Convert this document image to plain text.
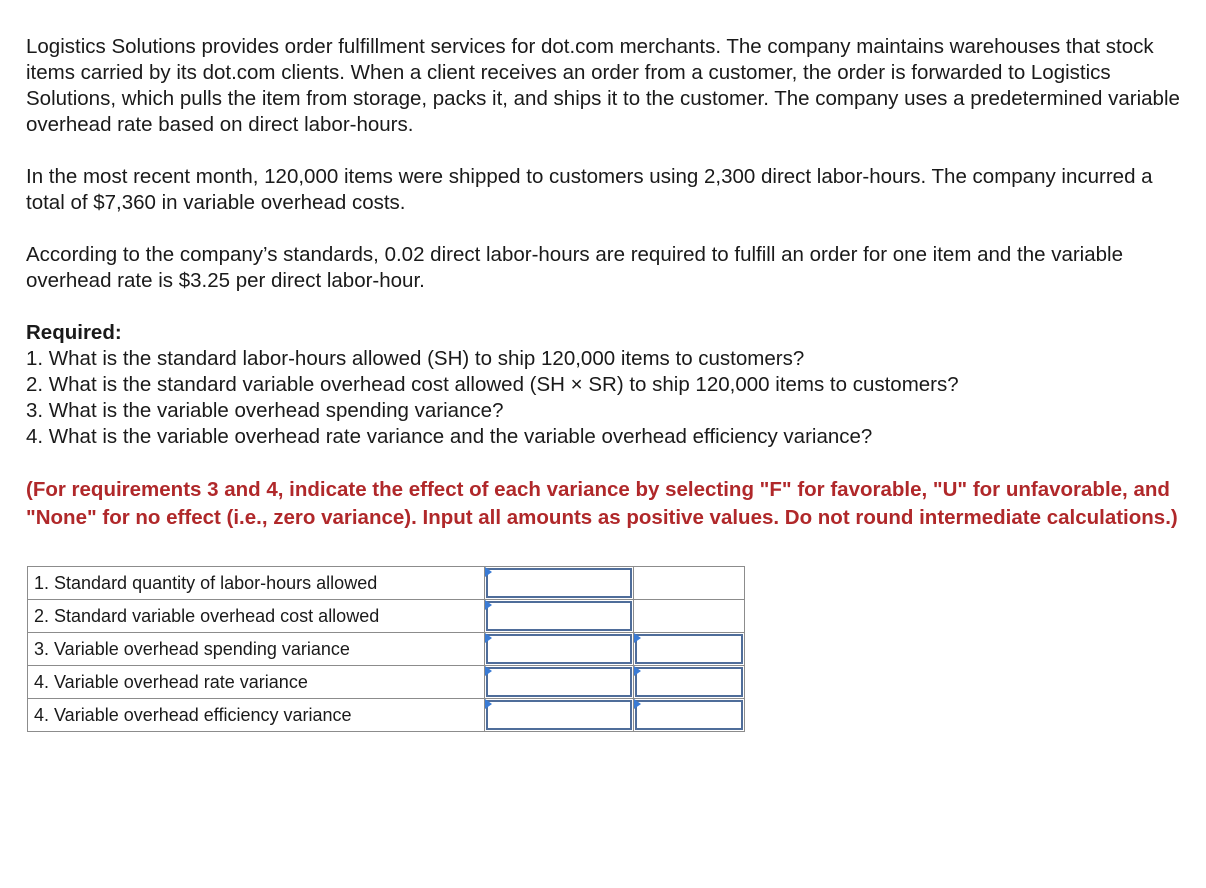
Logistics Solutions provides order fulfillment services for dot.com merchants. The company maintains warehouses that stock items carried by its dot.com clients. When a client receives an order from a customer, the order is forwarded to Logistics Solutions, which pulls the item from storage, packs it, and ships it to the customer. The company uses a predetermined variable overhead rate based on direct labor-hours.

In the most recent month, 120,000 items were shipped to customers using 2,300 direct labor-hours. The company incurred a total of $7,360 in variable overhead costs.

According to the company’s standards, 0.02 direct labor-hours are required to fulfill an order for one item and the variable overhead rate is $3.25 per direct labor-hour.

Required:

1. What is the standard labor-hours allowed (SH) to ship 120,000 items to customers?
2. What is the standard variable overhead cost allowed (SH × SR) to ship 120,000 items to customers?
3. What is the variable overhead spending variance?
4. What is the variable overhead rate variance and the variable overhead efficiency variance?

(For requirements 3 and 4, indicate the effect of each variance by selecting "F" for favorable, "U" for unfavorable, and "None" for no effect (i.e., zero variance). Input all amounts as positive values. Do not round intermediate calculations.)

1. Standard quantity of labor-hours allowed	

2. Standard variable overhead cost allowed	

3. Variable overhead spending variance	

4. Variable overhead rate variance	

4. Variable overhead efficiency variance	
